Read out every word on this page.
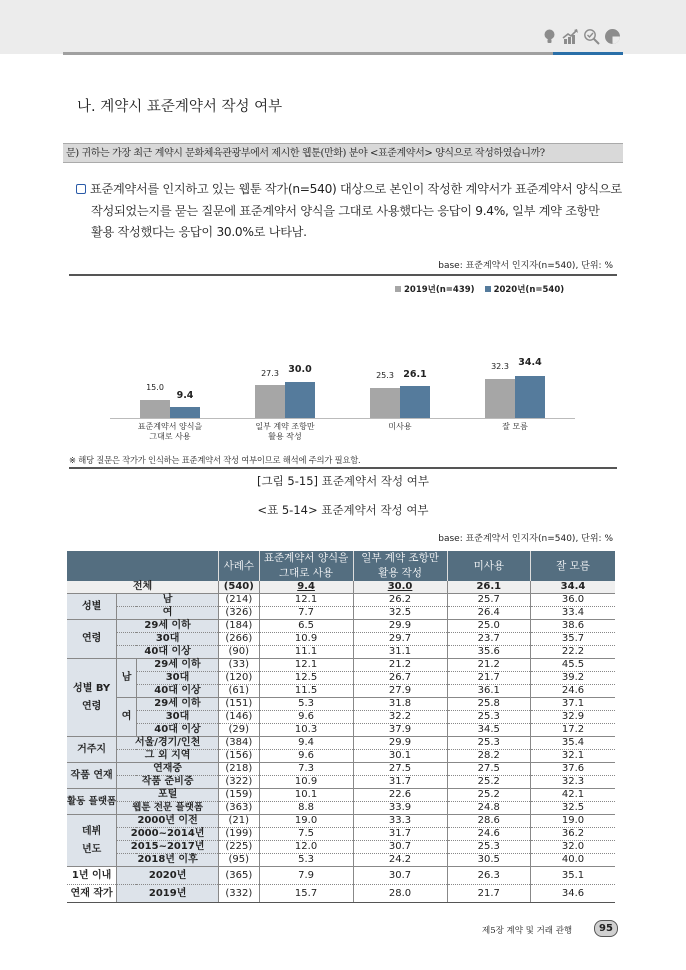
나. 계약시 표준계약서 작성 여부
문) 귀하는 가장 최근 계약시 문화체육관광부에서 제시한 웹툰(만화) 분야 <표준계약서> 양식으로 작성하였습니까?
표준계약서를 인지하고 있는 웹툰 작가(n=540) 대상으로 본인이 작성한 계약서가 표준계약서 양식으로
작성되었는지를 묻는 질문에 표준계약서 양식을 그대로 사용했다는 응답이 9.4%, 일부 계약 조항만
활용 작성했다는 응답이 30.0%로 나타남.
base: 표준계약서 인지자(n=540), 단위: %
2019년(n=439)	2020년(n=540)
15.0
9.4
표준계약서 양식을
그대로 사용
27.3 30.0
일부 계약 조항만
활용 작성
25.3 26.1
미사용
32.3 34.4
잘 모름
※ 해당 질문은 작가가 인식하는 표준계약서 작성 여부이므로 해석에 주의가 필요함.
[그림 5-15] 표준계약서 작성 여부
<표 5-14> 표준계약서 작성 여부
base: 표준계약서 인지자(n=540), 단위: %
			사례수	표준계약서 양식을	일부 계약 조항만	미사용	잘 모름
				그대로 사용	활용 작성		
전체			(540)	9.4	30.0	26.1	34.4
성별	남		(214)	12.1	26.2	25.7	36.0
	여		(326)	7.7	32.5	26.4	33.4
연령	29세 이하		(184)	6.5	29.9	25.0	38.6
	30대		(266)	10.9	29.7	23.7	35.7
	40대 이상		(90)	11.1	31.1	35.6	22.2

성별 BY
연령	남	29세 이하	(33)	12.1	21.2	21.2	45.5
		30대	(120)	12.5	26.7	21.7	39.2
		40대 이상	(61)	11.5	27.9	36.1	24.6
	여	29세 이하	(151)	5.3	31.8	25.8	37.1
		30대	(146)	9.6	32.2	25.3	32.9
		40대 이상	(29)	10.3	37.9	34.5	17.2
거주지	서울/경기/인천		(384)	9.4	29.9	25.3	35.4
	그 외 지역		(156)	9.6	30.1	28.2	32.1
작품 연재	연재중		(218)	7.3	27.5	27.5	37.6
	작품 준비중		(322)	10.9	31.7	25.2	32.3
활동 플랫폼	포털		(159)	10.1	22.6	25.2	42.1
	웹툰 전문 플랫폼		(363)	8.8	33.9	24.8	32.5

데뷔
년도	2000년 이전		(21)	19.0	33.3	28.6	19.0
	2000~2014년		(199)	7.5	31.7	24.6	36.2
	2015~2017년		(225)	12.0	30.7	25.3	32.0
	2018년 이후		(95)	5.3	24.2	30.5	40.0
1년 이내	2020년		(365)	7.9	30.7	26.3	35.1
연재 작가	2019년		(332)	15.7	28.0	21.7	34.6
제5장 계약 및 거래 관행	95
